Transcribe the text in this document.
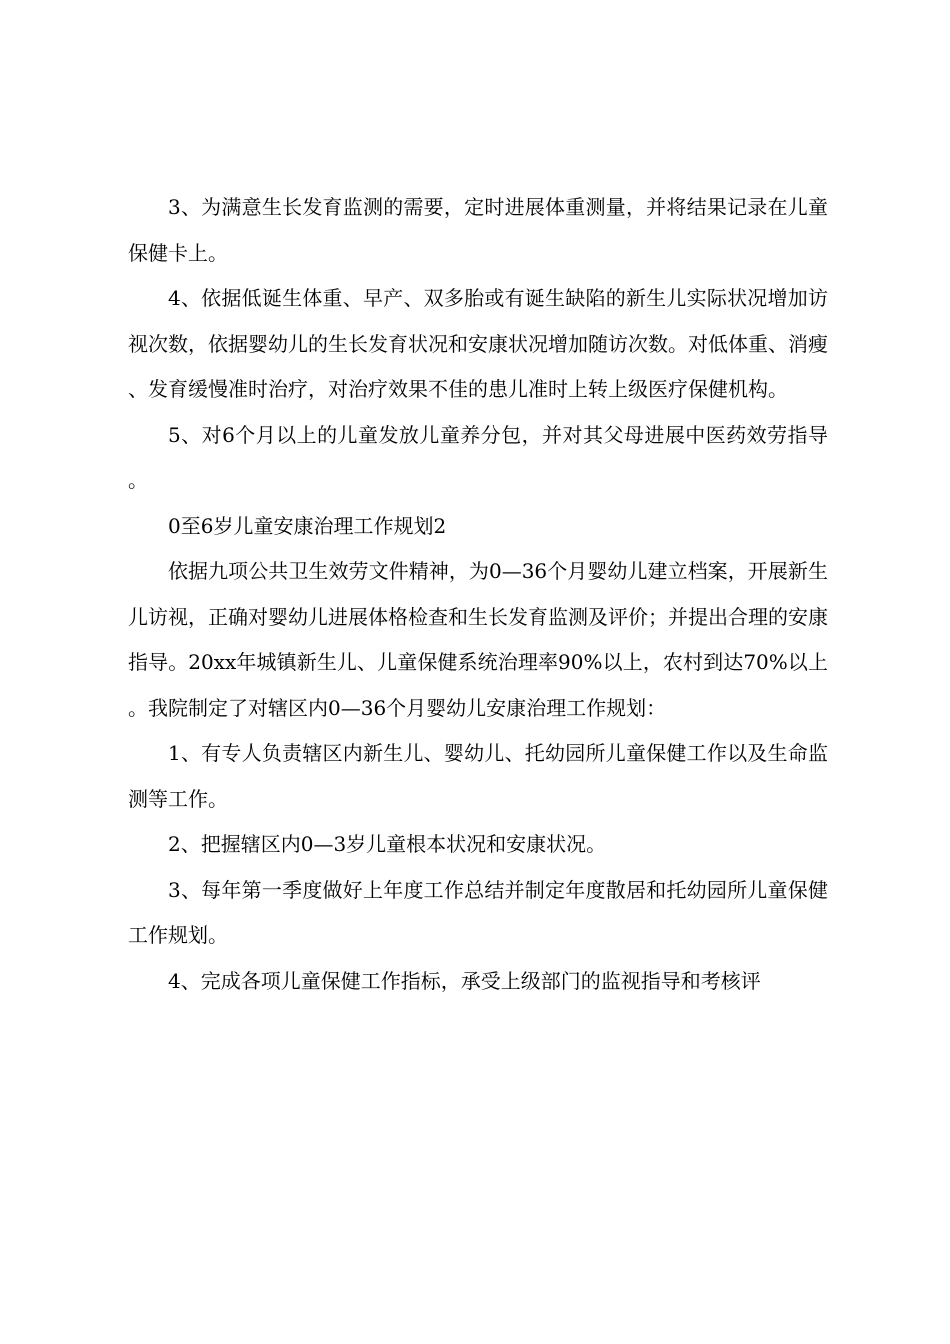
3、为满意生长发育监测的需要，定时进展体重测量，并将结果记录在儿童保健卡上。

4、依据低诞生体重、早产、双多胎或有诞生缺陷的新生儿实际状况增加访视次数，依据婴幼儿的生长发育状况和安康状况增加随访次数。对低体重、消瘦、发育缓慢准时治疗，对治疗效果不佳的患儿准时上转上级医疗保健机构。

5、对6个月以上的儿童发放儿童养分包，并对其父母进展中医药效劳指导。

0至6岁儿童安康治理工作规划2

依据九项公共卫生效劳文件精神，为0—36个月婴幼儿建立档案，开展新生儿访视，正确对婴幼儿进展体格检查和生长发育监测及评价；并提出合理的安康指导。20xx年城镇新生儿、儿童保健系统治理率90%以上，农村到达70%以上。我院制定了对辖区内0—36个月婴幼儿安康治理工作规划：

1、有专人负责辖区内新生儿、婴幼儿、托幼园所儿童保健工作以及生命监测等工作。

2、把握辖区内0—3岁儿童根本状况和安康状况。

3、每年第一季度做好上年度工作总结并制定年度散居和托幼园所儿童保健工作规划。

4、完成各项儿童保健工作指标，承受上级部门的监视指导和考核评
